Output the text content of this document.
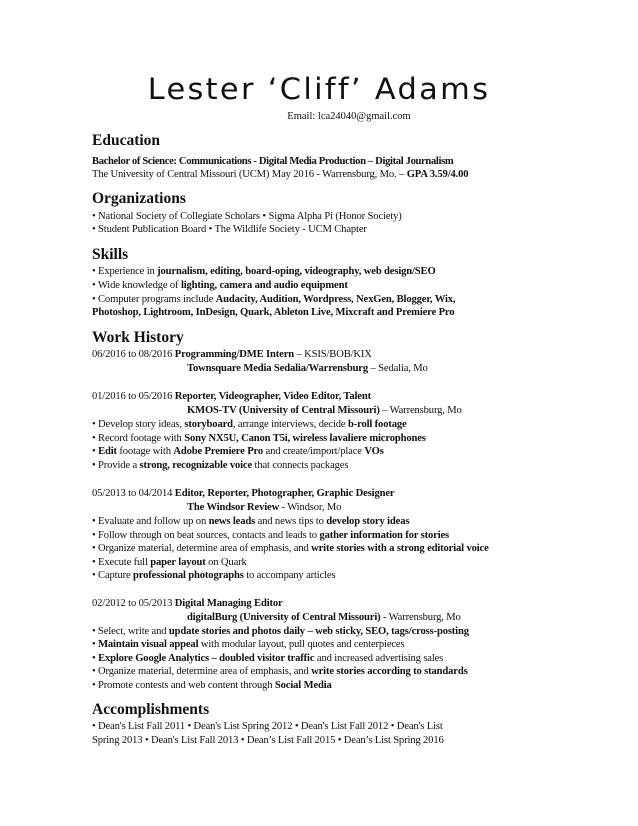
Lester ‘Cliff’ Adams
Email: lca24040@gmail.com
Education
Bachelor of Science: Communications - Digital Media Production – Digital Journalism
The University of Central Missouri (UCM) May 2016 - Warrensburg, Mo. – GPA 3.59/4.00
Organizations
• National Society of Collegiate Scholars • Sigma Alpha Pi (Honor Society)
• Student Publication Board • The Wildlife Society - UCM Chapter
Skills
• Experience in journalism, editing, board-oping, videography, web design/SEO
• Wide knowledge of lighting, camera and audio equipment
• Computer programs include Audacity, Audition, Wordpress, NexGen, Blogger, Wix,
Photoshop, Lightroom, InDesign, Quark, Ableton Live, Mixcraft and Premiere Pro
Work History
06/2016 to 08/2016 Programming/DME Intern – KSIS/BOB/KIX
Townsquare Media Sedalia/Warrensburg – Sedalia, Mo
01/2016 to 05/2016 Reporter, Videographer, Video Editor, Talent
KMOS-TV (University of Central Missouri) – Warrensburg, Mo
• Develop story ideas, storyboard, arrange interviews, decide b-roll footage
• Record footage with Sony NX5U, Canon T5i, wireless lavaliere microphones
• Edit footage with Adobe Premiere Pro and create/import/place VOs
• Provide a strong, recognizable voice that connects packages
05/2013 to 04/2014 Editor, Reporter, Photographer, Graphic Designer
The Windsor Review - Windsor, Mo
• Evaluate and follow up on news leads and news tips to develop story ideas
• Follow through on beat sources, contacts and leads to gather information for stories
• Organize material, determine area of emphasis, and write stories with a strong editorial voice
• Execute full paper layout on Quark
• Capture professional photographs to accompany articles
02/2012 to 05/2013 Digital Managing Editor
digitalBurg (University of Central Missouri) - Warrensburg, Mo
• Select, write and update stories and photos daily – web sticky, SEO, tags/cross-posting
• Maintain visual appeal with modular layout, pull quotes and centerpieces
• Explore Google Analytics – doubled visitor traffic and increased advertising sales
• Organize material, determine area of emphasis, and write stories according to standards
• Promote contests and web content through Social Media
Accomplishments
• Dean's List Fall 2011 • Dean's List Spring 2012 • Dean's List Fall 2012 • Dean's List
Spring 2013 • Dean's List Fall 2013 • Dean’s List Fall 2015 • Dean’s List Spring 2016
